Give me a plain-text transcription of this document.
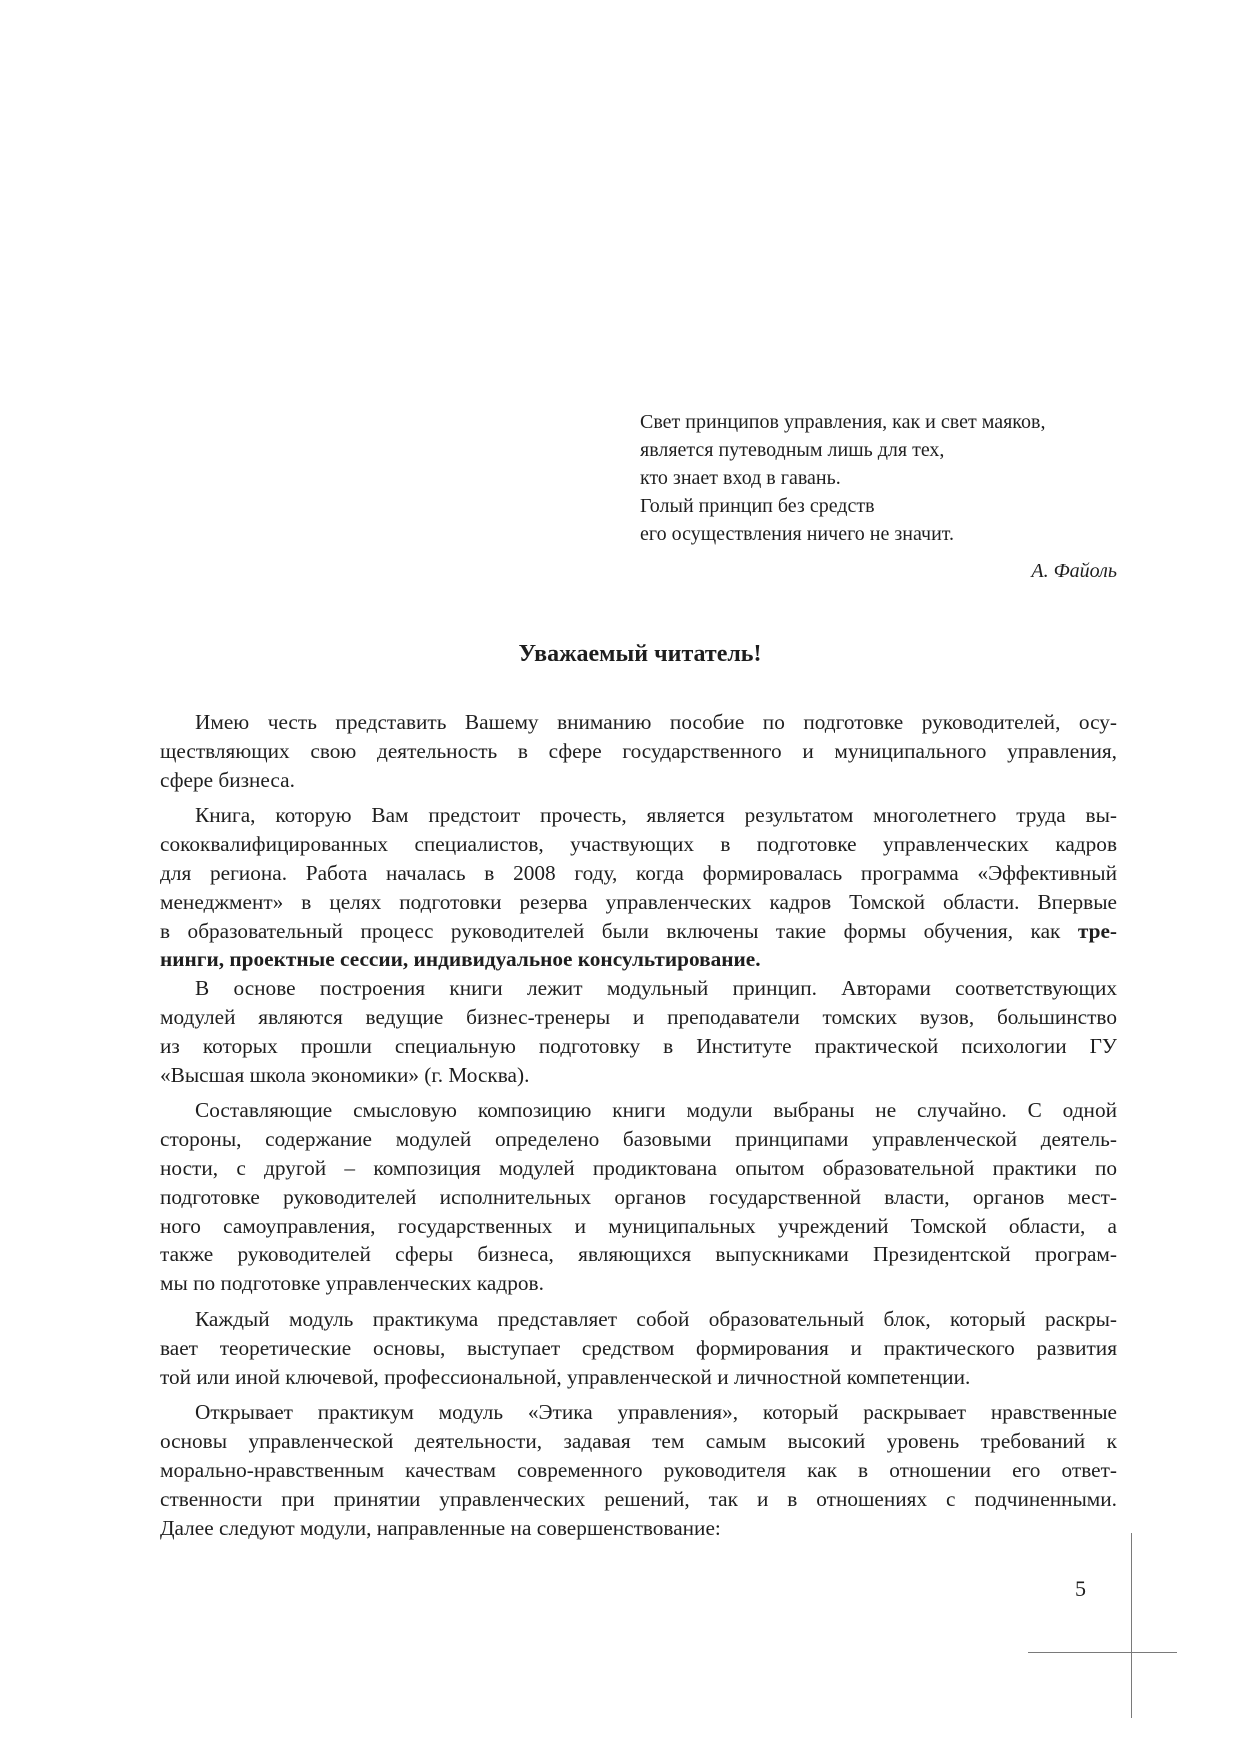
Свет принципов управления, как и свет маяков,
является путеводным лишь для тех,
кто знает вход в гавань.
Голый принцип без средств
его осуществления ничего не значит.
А. Файоль
Уважаемый читатель!

Имею честь представить Вашему вниманию пособие по подготовке руководителей, осу-
ществляющих свою деятельность в сфере государственного и муниципального управления,
сфере бизнеса.

Книга, которую Вам предстоит прочесть, является результатом многолетнего труда вы-
сококвалифицированных специалистов, участвующих в подготовке управленческих кадров
для региона. Работа началась в 2008 году, когда формировалась программа «Эффективный
менеджмент» в целях подготовки резерва управленческих кадров Томской области. Впервые
в образовательный процесс руководителей были включены такие формы обучения, как тре-
нинги, проектные сессии, индивидуальное консультирование.

В основе построения книги лежит модульный принцип. Авторами соответствующих
модулей являются ведущие бизнес-тренеры и преподаватели томских вузов, большинство
из которых прошли специальную подготовку в Институте практической психологии ГУ
«Высшая школа экономики» (г. Москва).

Составляющие смысловую композицию книги модули выбраны не случайно. С одной
стороны, содержание модулей определено базовыми принципами управленческой деятель-
ности, с другой – композиция модулей продиктована опытом образовательной практики по
подготовке руководителей исполнительных органов государственной власти, органов мест-
ного самоуправления, государственных и муниципальных учреждений Томской области, а
также руководителей сферы бизнеса, являющихся выпускниками Президентской програм-
мы по подготовке управленческих кадров.

Каждый модуль практикума представляет собой образовательный блок, который раскры-
вает теоретические основы, выступает средством формирования и практического развития
той или иной ключевой, профессиональной, управленческой и личностной компетенции.

Открывает практикум модуль «Этика управления», который раскрывает нравственные
основы управленческой деятельности, задавая тем самым высокий уровень требований к
морально-нравственным качествам современного руководителя как в отношении его ответ-
ственности при принятии управленческих решений, так и в отношениях с подчиненными.
Далее следуют модули, направленные на совершенствование:

5
